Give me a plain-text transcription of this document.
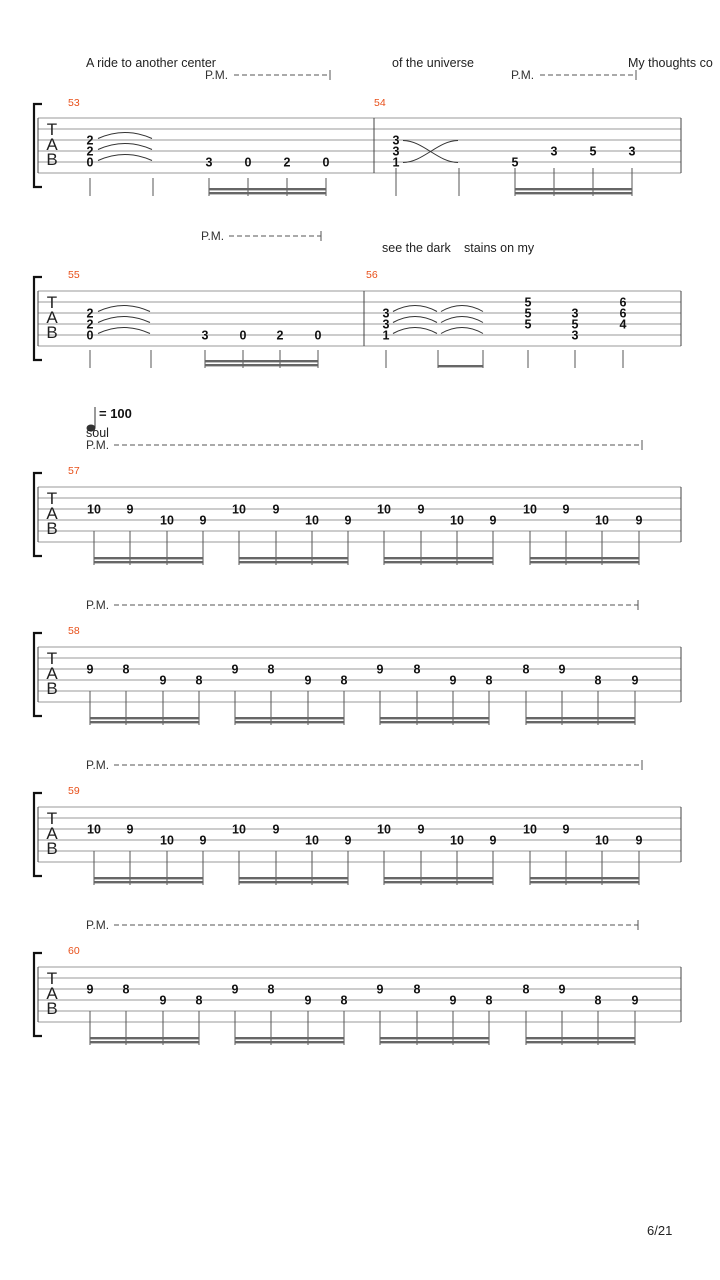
A ride to another center	of the universe	My thoughts co
P.M.	P.M.
T
A
B
53	54
2
2
0	3	0	2	0
3
3
1	5
3	5	3
see the dark stains on my
P.M.
T
A
B
55	56
2
2
0	3 0 2 0
3
3
1
5
5
5
3
6
3
6
4
5
= 100
soul
P.M.
T
A
B
57
10 9
10 9
10 9
10 9
10 9
10 9
10 9
10 9
P.M.
T
A
B
58
9 8
9 8
9 8
9 8
9 8
9 8
8 9
8 9
P.M.
T
A
B
59
10 9
10 9
10 9
10 9
10 9
10 9
10 9
10 9
P.M.
T
A
B
60
9 8
9 8
9 8
9 8
9 8
9 8
8 9
8 9
6/21
